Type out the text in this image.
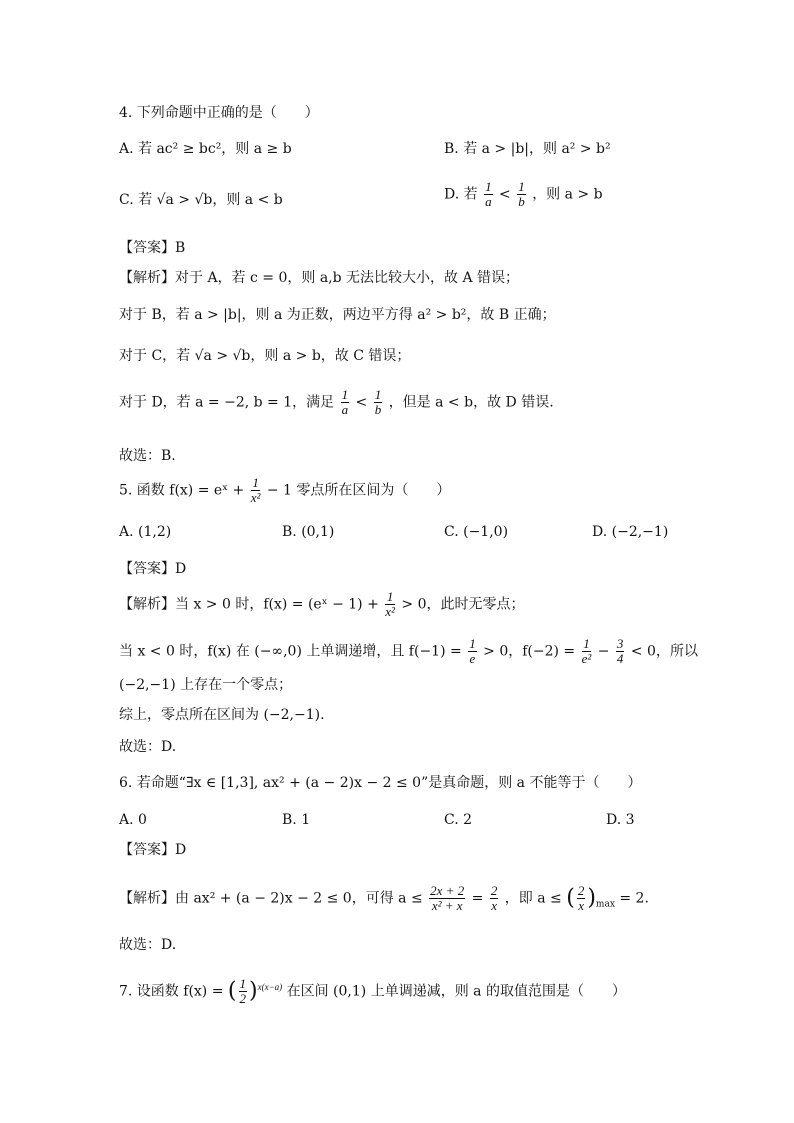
4. 下列命题中正确的是（　　）
A. 若 ac² ≥ bc²，则 a ≥ b	B. 若 a > |b|，则 a² > b²
C. 若 √a > √b，则 a < b	D. 若 $\frac{1}{a} < \frac{1}{b}$ ，则 a > b
【答案】B
【解析】对于 A，若 c = 0，则 a,b 无法比较大小，故 A 错误；
对于 B，若 a > |b|，则 a 为正数，两边平方得 a² > b²，故 B 正确；
对于 C，若 √a > √b，则 a > b，故 C 错误；
对于 D，若 a = −2, b = 1，满足 $\frac{1}{a} < \frac{1}{b}$ ，但是 a < b，故 D 错误.
故选：B.
5. 函数 f(x) = eˣ + $\frac{1}{\text{x²}} - 1$ 零点所在区间为（　　）
A. (1,2)	B. (0,1)	C. (−1,0)	D. (−2,−1)
【答案】D
【解析】当 x > 0 时，f(x) = (eˣ − $1) + \frac{1}{\text{x²}} > 0$，此时无零点；
当 x < 0 时，f(x) 在 (−∞,0) 上单调递增，且 $f(-1) = \frac{1}{e} > 0$，$f(-2) = \frac{1}{\text{e²}} - \frac{3}{4} < 0$，所以
(−2,−1) 上存在一个零点；
综上，零点所在区间为 (−2,−1).
故选：D.
6. 若命题“∃x ∈ [1,3], ax² + (a − 2)x − 2 ≤ 0”是真命题，则 a 不能等于（　　）
A. 0	B. 1	C. 2	D. 3
【答案】D
【解析】由 ax² + (a − 2)x − 2 ≤ 0，可得 $a \le \frac{2x + 2}{\text{x² + x}} = \frac{2}{x}$ ，即 a ≤ ( $\frac{2}{x} )_{max} = 2$.
故选：D.
7. 设函数 f(x) = ( $\frac{1}{2} )^{x(x-a)}$ 在区间 (0,1) 上单调递减，则 a 的取值范围是（　　）
